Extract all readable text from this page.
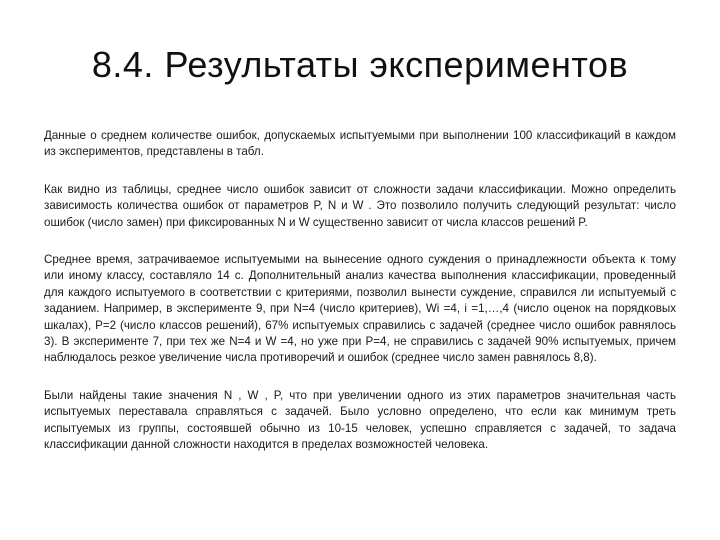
8.4. Результаты экспериментов

Данные о среднем количестве ошибок, допускаемых испытуемыми при выполнении 100 классификаций в каждом из экспериментов, представлены в табл.

Как видно из таблицы, среднее число ошибок зависит от сложности задачи классификации. Можно определить зависимость количества ошибок от параметров P, N и W . Это позволило получить следующий результат: число ошибок (число замен) при фиксированных N и W существенно зависит от числа классов решений P.

Среднее время, затрачиваемое испытуемыми на вынесение одного суждения о принадлежности объекта к тому или иному классу, составляло 14 с. Дополнительный анализ качества выполнения классификации, проведенный для каждого испытуемого в соответствии с критериями, позволил вынести суждение, справился ли испытуемый с заданием. Например, в эксперименте 9, при N=4 (число критериев), Wi =4, i =1,…,4 (число оценок на порядковых шкалах), P=2 (число классов решений), 67% испытуемых справились с задачей (среднее число ошибок равнялось 3). В эксперименте 7, при тех же N=4 и W =4, но уже при P=4, не справились с задачей 90% испытуемых, причем наблюдалось резкое увеличение числа противоречий и ошибок (среднее число замен равнялось 8,8).

Были найдены такие значения N , W , P, что при увеличении одного из этих параметров значительная часть испытуемых переставала справляться с задачей. Было условно определено, что если как минимум треть испытуемых из группы, состоявшей обычно из 10-15 человек, успешно справляется с задачей, то задача классификации данной сложности находится в пределах возможностей человека.
